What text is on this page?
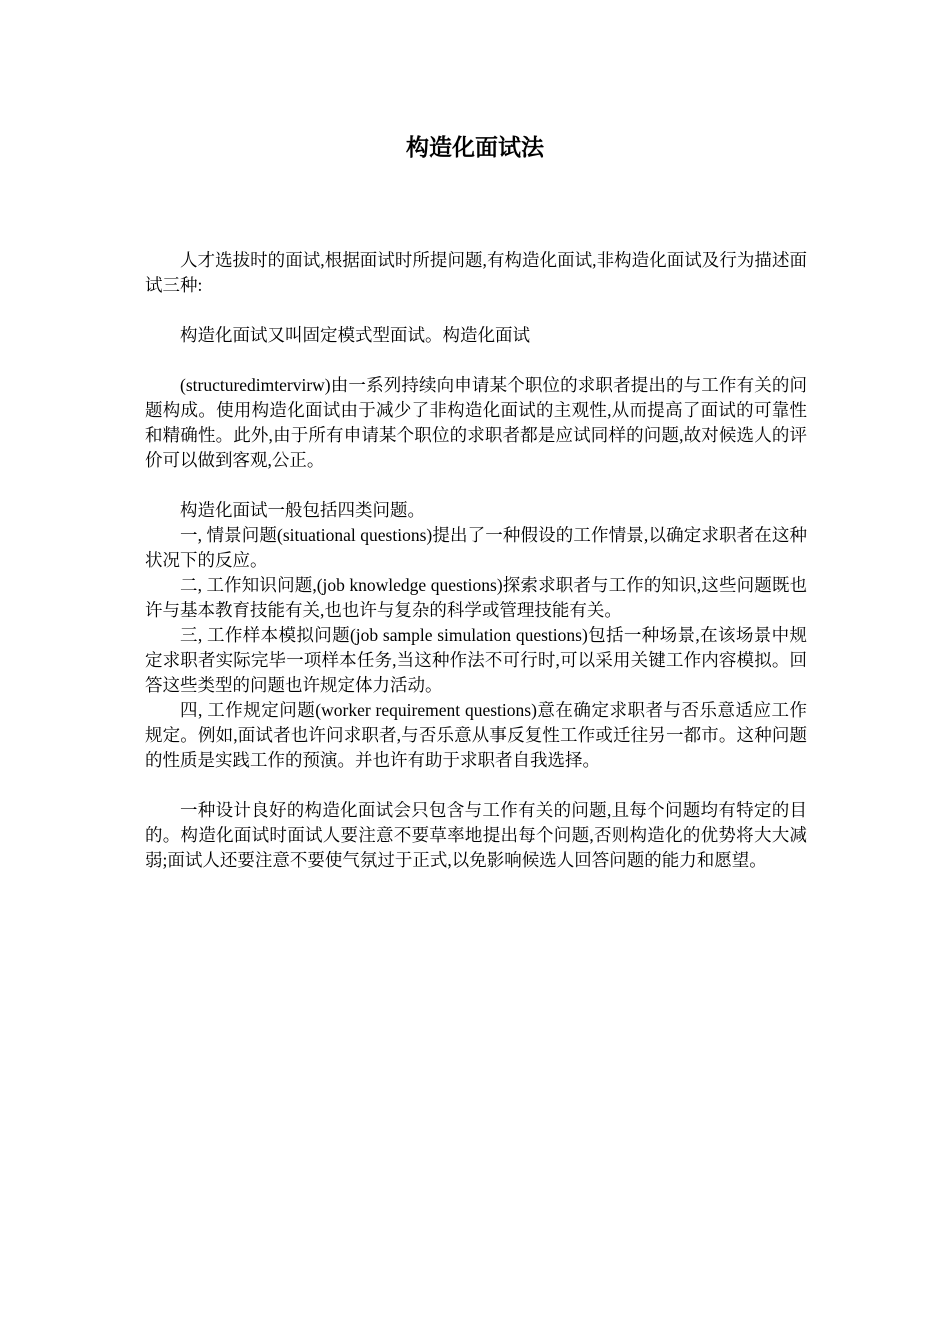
构造化面试法

人才选拔时的面试,根据面试时所提问题,有构造化面试,非构造化面试及行为描述面试三种:

构造化面试又叫固定模式型面试。构造化面试

(structuredimtervirw)由一系列持续向申请某个职位的求职者提出的与工作有关的问题构成。使用构造化面试由于减少了非构造化面试的主观性,从而提高了面试的可靠性和精确性。此外,由于所有申请某个职位的求职者都是应试同样的问题,故对候选人的评价可以做到客观,公正。

构造化面试一般包括四类问题。

一, 情景问题(situational questions)提出了一种假设的工作情景,以确定求职者在这种状况下的反应。

二, 工作知识问题,(job knowledge questions)探索求职者与工作的知识,这些问题既也许与基本教育技能有关,也也许与复杂的科学或管理技能有关。

三, 工作样本模拟问题(job sample simulation questions)包括一种场景,在该场景中规定求职者实际完毕一项样本任务,当这种作法不可行时,可以采用关键工作内容模拟。回答这些类型的问题也许规定体力活动。

四, 工作规定问题(worker requirement questions)意在确定求职者与否乐意适应工作规定。例如,面试者也许问求职者,与否乐意从事反复性工作或迁往另一都市。这种问题的性质是实践工作的预演。并也许有助于求职者自我选择。

一种设计良好的构造化面试会只包含与工作有关的问题,且每个问题均有特定的目的。构造化面试时面试人要注意不要草率地提出每个问题,否则构造化的优势将大大减弱;面试人还要注意不要使气氛过于正式,以免影响候选人回答问题的能力和愿望。
